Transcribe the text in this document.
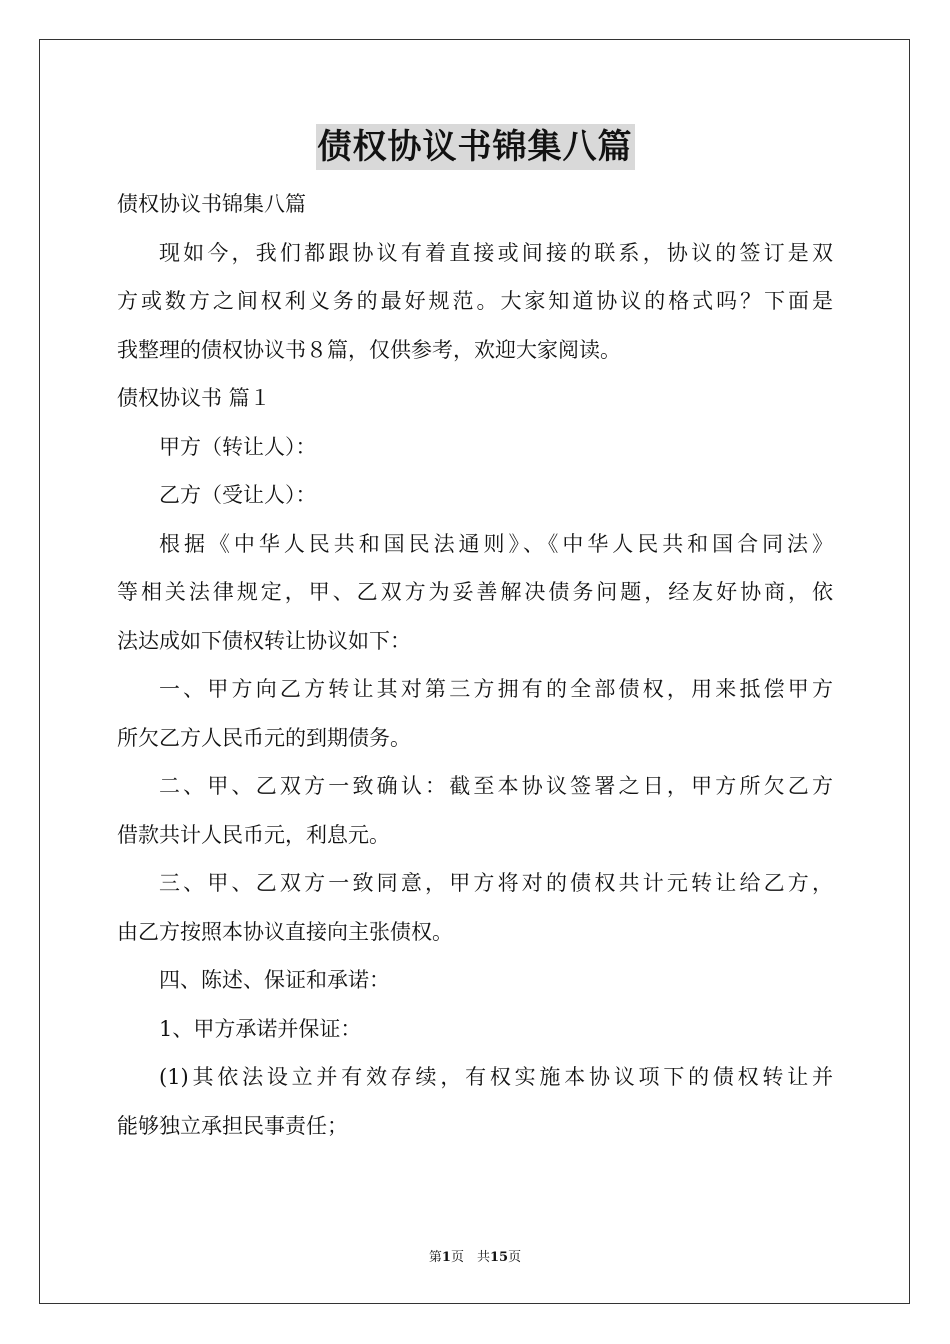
债权协议书锦集八篇

债权协议书锦集八篇

现如今，我们都跟协议有着直接或间接的联系，协议的签订是双

方或数方之间权利义务的最好规范。大家知道协议的格式吗？下面是

我整理的债权协议书８篇，仅供参考，欢迎大家阅读。

债权协议书 篇１

甲方（转让人）：

乙方（受让人）：

根据《中华人民共和国民法通则》、《中华人民共和国合同法》

等相关法律规定，甲、乙双方为妥善解决债务问题，经友好协商，依

法达成如下债权转让协议如下：

一、甲方向乙方转让其对第三方拥有的全部债权，用来抵偿甲方

所欠乙方人民币元的到期债务。

二、甲、乙双方一致确认：截至本协议签署之日，甲方所欠乙方

借款共计人民币元，利息元。

三、甲、乙双方一致同意，甲方将对的债权共计元转让给乙方，

由乙方按照本协议直接向主张债权。

四、陈述、保证和承诺：

1、甲方承诺并保证：

(1)其依法设立并有效存续，有权实施本协议项下的债权转让并

能够独立承担民事责任；

第1页　共15页
